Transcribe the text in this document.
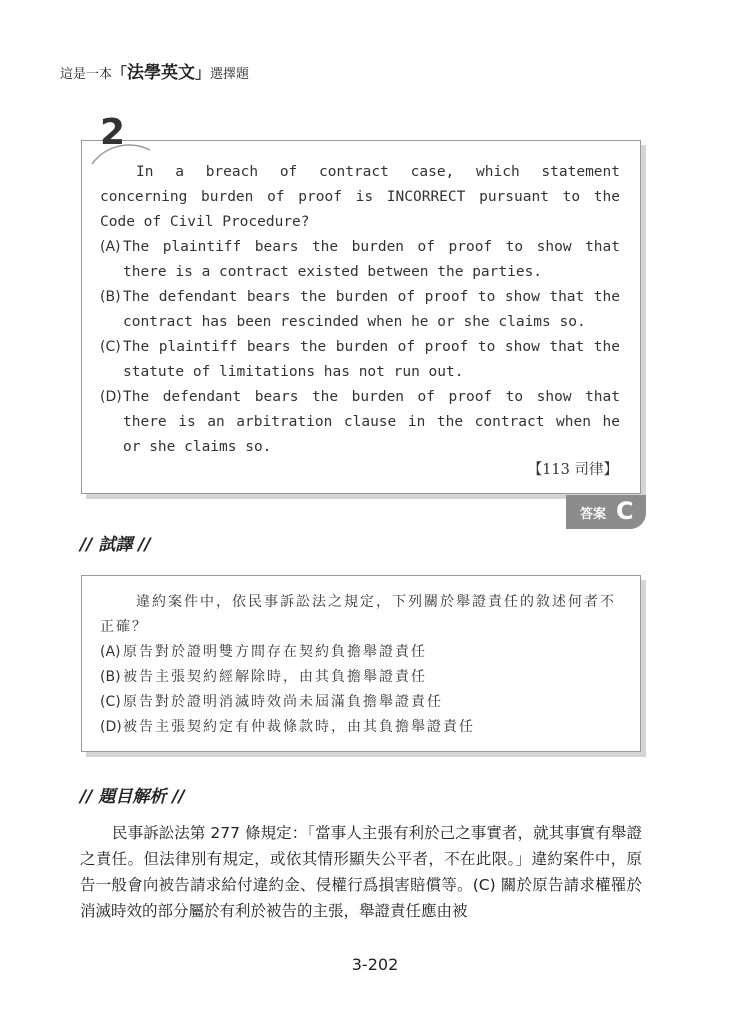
這是一本 「 法學英文 」 選擇題
2
In a breach of contract case, which statement concerning burden of proof is INCORRECT pursuant to the Code of Civil Procedure?
(A) The plaintiff bears the burden of proof to show that there is a contract existed between the parties.
(B) The defendant bears the burden of proof to show that the contract has been rescinded when he or she claims so.
(C) The plaintiff bears the burden of proof to show that the statute of limitations has not run out.
(D) The defendant bears the burden of proof to show that there is an arbitration clause in the contract when he or she claims so.
【113 司律】
答案 C
// 試譯 //
違約案件中，依民事訴訟法之規定，下列關於舉證責任的敘述何者不正確？
(A) 原告對於證明雙方間存在契約負擔舉證責任
(B) 被告主張契約經解除時，由其負擔舉證責任
(C) 原告對於證明消滅時效尚未屆滿負擔舉證責任
(D) 被告主張契約定有仲裁條款時，由其負擔舉證責任
// 題目解析 //
民事訴訟法第 277 條規定：「當事人主張有利於己之事實者，就其事實有舉證之責任。但法律別有規定，或依其情形顯失公平者，不在此限。」違約案件中，原告一般會向被告請求給付違約金、侵權行爲損害賠償等。(C) 關於原告請求權罹於消滅時效的部分屬於有利於被告的主張，舉證責任應由被
3-202
